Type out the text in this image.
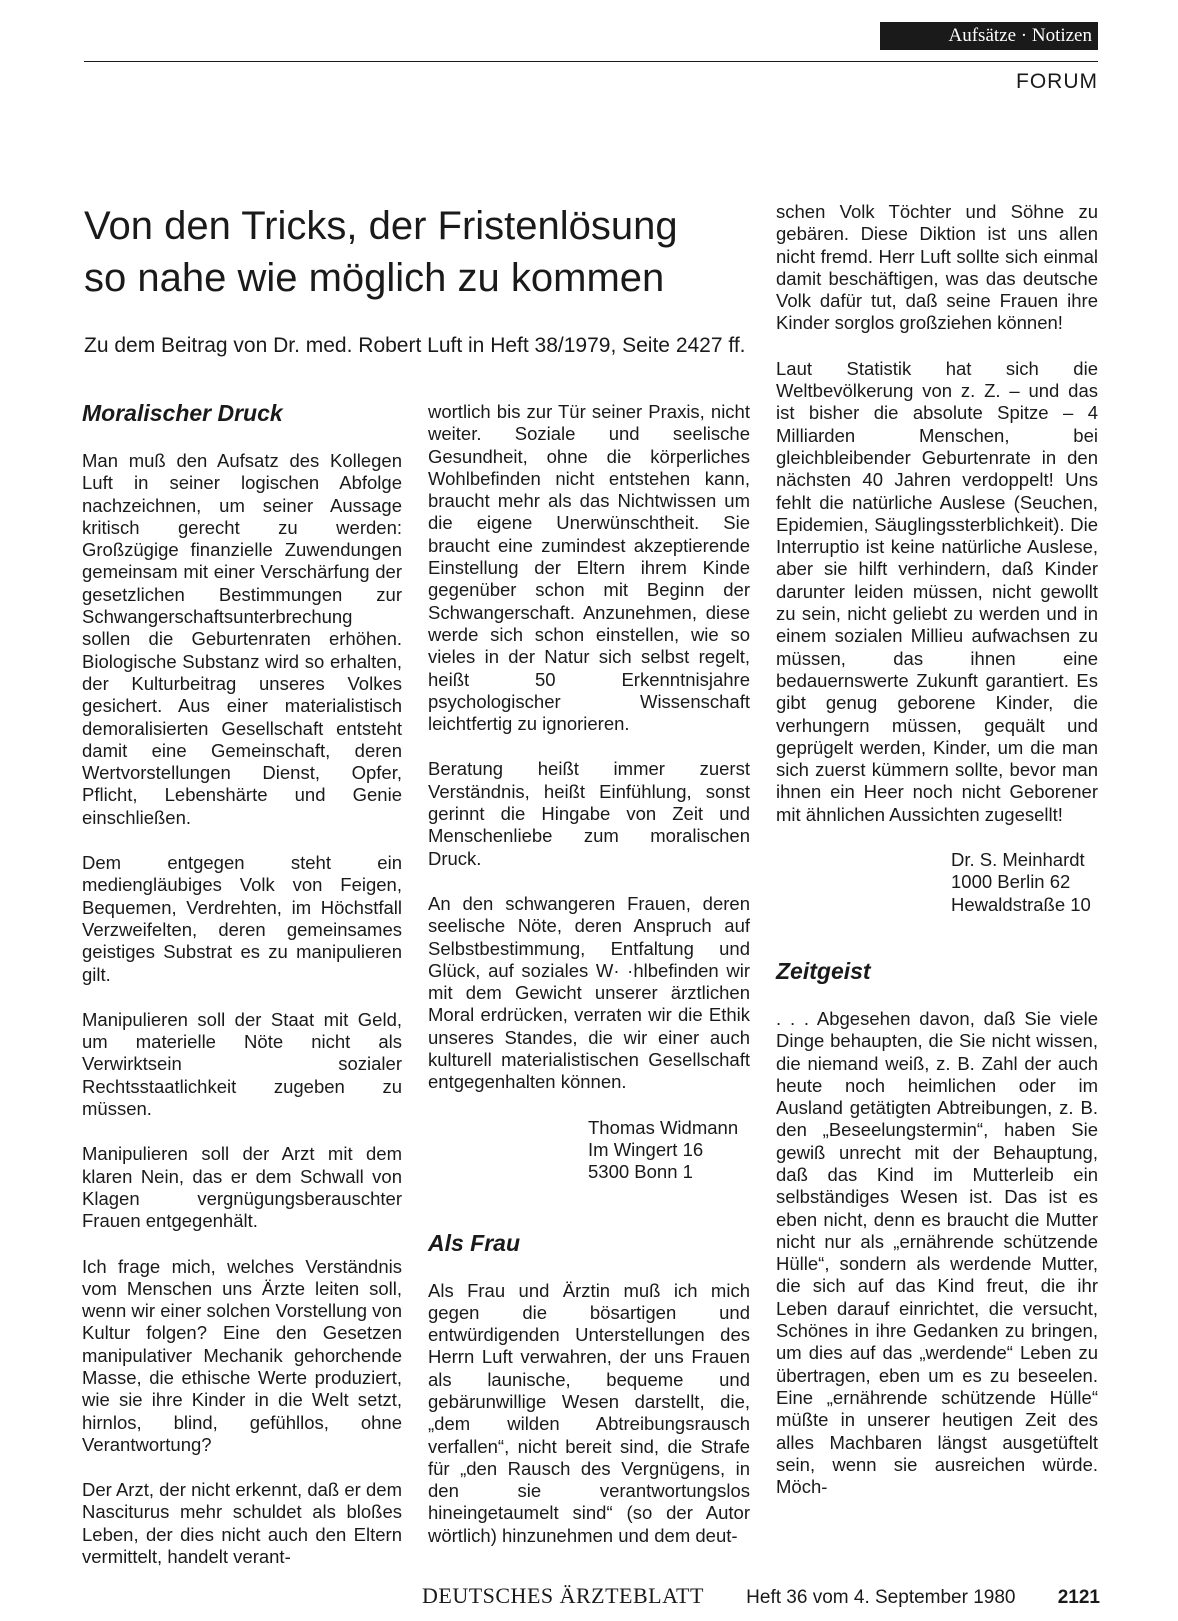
Aufsätze · Notizen
FORUM
Von den Tricks, der Fristenlösung
so nahe wie möglich zu kommen
Zu dem Beitrag von Dr. med. Robert Luft in Heft 38/1979, Seite 2427 ff.
Moralischer Druck

Man muß den Aufsatz des Kollegen Luft in seiner logischen Abfolge nachzeichnen, um seiner Aussage kritisch gerecht zu werden: Großzügige finanzielle Zuwendungen gemeinsam mit einer Verschärfung der gesetzlichen Bestimmungen zur Schwangerschaftsunterbrechung sollen die Geburtenraten erhöhen. Biologische Substanz wird so erhalten, der Kulturbeitrag unseres Volkes gesichert. Aus einer materialistisch demoralisierten Gesellschaft entsteht damit eine Gemeinschaft, deren Wertvorstellungen Dienst, Opfer, Pflicht, Lebenshärte und Genie einschließen.

Dem entgegen steht ein mediengläubiges Volk von Feigen, Bequemen, Verdrehten, im Höchstfall Verzweifelten, deren gemeinsames geistiges Substrat es zu manipulieren gilt.

Manipulieren soll der Staat mit Geld, um materielle Nöte nicht als Verwirktsein sozialer Rechtsstaatlichkeit zugeben zu müssen.

Manipulieren soll der Arzt mit dem klaren Nein, das er dem Schwall von Klagen vergnügungsberauschter Frauen entgegenhält.

Ich frage mich, welches Verständnis vom Menschen uns Ärzte leiten soll, wenn wir einer solchen Vorstellung von Kultur folgen? Eine den Gesetzen manipulativer Mechanik gehorchende Masse, die ethische Werte produziert, wie sie ihre Kinder in die Welt setzt, hirnlos, blind, gefühllos, ohne Verantwortung?

Der Arzt, der nicht erkennt, daß er dem Nasciturus mehr schuldet als bloßes Leben, der dies nicht auch den Eltern vermittelt, handelt verant-

wortlich bis zur Tür seiner Praxis, nicht weiter. Soziale und seelische Gesundheit, ohne die körperliches Wohlbefinden nicht entstehen kann, braucht mehr als das Nichtwissen um die eigene Unerwünschtheit. Sie braucht eine zumindest akzeptierende Einstellung der Eltern ihrem Kinde gegenüber schon mit Beginn der Schwangerschaft. Anzunehmen, diese werde sich schon einstellen, wie so vieles in der Natur sich selbst regelt, heißt 50 Erkenntnisjahre psychologischer Wissenschaft leichtfertig zu ignorieren.

Beratung heißt immer zuerst Verständnis, heißt Einfühlung, sonst gerinnt die Hingabe von Zeit und Menschenliebe zum moralischen Druck.

An den schwangeren Frauen, deren seelische Nöte, deren Anspruch auf Selbstbestimmung, Entfaltung und Glück, auf soziales W· ·hlbefinden wir mit dem Gewicht unserer ärztlichen Moral erdrücken, verraten wir die Ethik unseres Standes, die wir einer auch kulturell materialistischen Gesellschaft entgegenhalten können.

Thomas Widmann
Im Wingert 16
5300 Bonn 1
Als Frau

Als Frau und Ärztin muß ich mich gegen die bösartigen und entwürdigenden Unterstellungen des Herrn Luft verwahren, der uns Frauen als launische, bequeme und gebärunwillige Wesen darstellt, die, „dem wilden Abtreibungsrausch verfallen“, nicht bereit sind, die Strafe für „den Rausch des Vergnügens, in den sie verantwortungslos hineingetaumelt sind“ (so der Autor wörtlich) hinzunehmen und dem deut-

schen Volk Töchter und Söhne zu gebären. Diese Diktion ist uns allen nicht fremd. Herr Luft sollte sich einmal damit beschäftigen, was das deutsche Volk dafür tut, daß seine Frauen ihre Kinder sorglos großziehen können!

Laut Statistik hat sich die Weltbevölkerung von z. Z. – und das ist bisher die absolute Spitze – 4 Milliarden Menschen, bei gleichbleibender Geburtenrate in den nächsten 40 Jahren verdoppelt! Uns fehlt die natürliche Auslese (Seuchen, Epidemien, Säuglingssterblichkeit). Die Interruptio ist keine natürliche Auslese, aber sie hilft verhindern, daß Kinder darunter leiden müssen, nicht gewollt zu sein, nicht geliebt zu werden und in einem sozialen Millieu aufwachsen zu müssen, das ihnen eine bedauernswerte Zukunft garantiert. Es gibt genug geborene Kinder, die verhungern müssen, gequält und geprügelt werden, Kinder, um die man sich zuerst kümmern sollte, bevor man ihnen ein Heer noch nicht Geborener mit ähnlichen Aussichten zugesellt!

Dr. S. Meinhardt
1000 Berlin 62
Hewaldstraße 10
Zeitgeist

. . . Abgesehen davon, daß Sie viele Dinge behaupten, die Sie nicht wissen, die niemand weiß, z. B. Zahl der auch heute noch heimlichen oder im Ausland getätigten Abtreibungen, z. B. den „Beseelungstermin“, haben Sie gewiß unrecht mit der Behauptung, daß das Kind im Mutterleib ein selbständiges Wesen ist. Das ist es eben nicht, denn es braucht die Mutter nicht nur als „ernährende schützende Hülle“, sondern als werdende Mutter, die sich auf das Kind freut, die ihr Leben darauf einrichtet, die versucht, Schönes in ihre Gedanken zu bringen, um dies auf das „werdende“ Leben zu übertragen, eben um es zu beseelen. Eine „ernährende schützende Hülle“ müßte in unserer heutigen Zeit des alles Machbaren längst ausgetüftelt sein, wenn sie ausreichen würde. Möch-

DEUTSCHES ÄRZTEBLATT Heft 36 vom 4. September 1980 2121
